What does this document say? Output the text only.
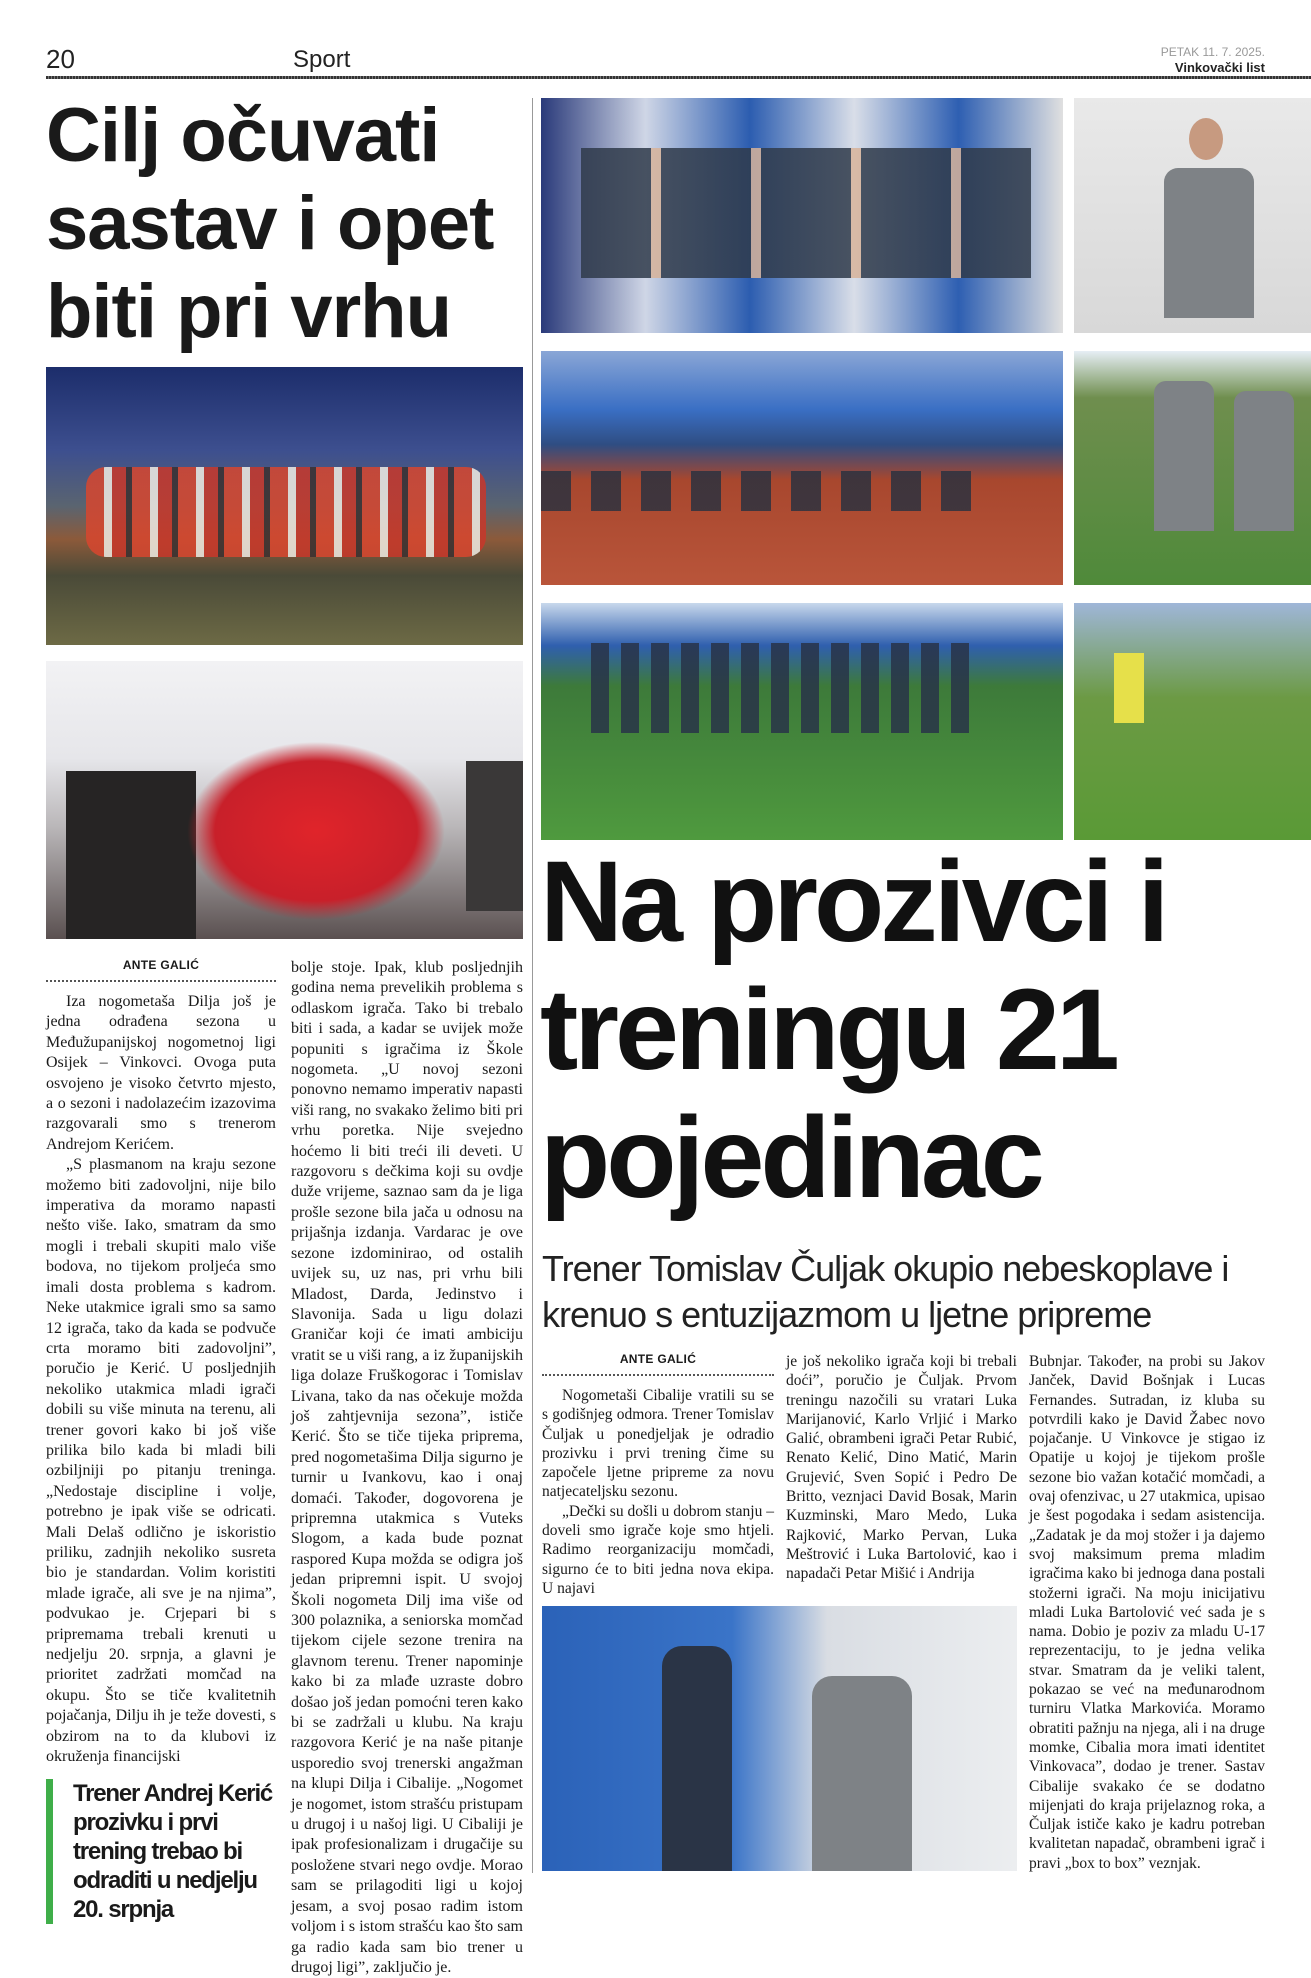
20	Sport	PETAK 11. 7. 2025.
Vinkovački list
Cilj očuvati sastav i opet biti pri vrhu
ANTE GALIĆ

Iza nogometaša Dilja još je jedna odrađena sezona u Međužupanijskoj nogometnoj ligi Osijek – Vinkovci. Ovoga puta osvojeno je visoko četvrto mjesto, a o sezoni i nadolazećim izazovima razgovarali smo s trenerom Andrejom Kerićem.

„S plasmanom na kraju sezone možemo biti zadovoljni, nije bilo imperativa da moramo napasti nešto više. Iako, smatram da smo mogli i trebali skupiti malo više bodova, no tijekom proljeća smo imali dosta problema s kadrom. Neke utakmice igrali smo sa samo 12 igrača, tako da kada se podvuče crta moramo biti zadovoljni”, poručio je Kerić. U posljednjih nekoliko utakmica mladi igrači dobili su više minuta na terenu, ali trener govori kako bi još više prilika bilo kada bi mladi bili ozbiljniji po pitanju treninga. „Nedostaje discipline i volje, potrebno je ipak više se odricati. Mali Delaš odlično je iskoristio priliku, zadnjih nekoliko susreta bio je standardan. Volim koristiti mlade igrače, ali sve je na njima”, podvukao je. Crjepari bi s pripremama trebali krenuti u nedjelju 20. srpnja, a glavni je prioritet zadržati momčad na okupu. Što se tiče kvalitetnih pojačanja, Dilju ih je teže dovesti, s obzirom na to da klubovi iz okruženja financijski

Trener Andrej Kerić prozivku i prvi trening trebao bi odraditi u nedjelju 20. srpnja

bolje stoje. Ipak, klub posljednjih godina nema prevelikih problema s odlaskom igrača. Tako bi trebalo biti i sada, a kadar se uvijek može popuniti s igračima iz Škole nogometa. „U novoj sezoni ponovno nemamo imperativ napasti viši rang, no svakako želimo biti pri vrhu poretka. Nije svejedno hoćemo li biti treći ili deveti. U razgovoru s dečkima koji su ovdje duže vrijeme, saznao sam da je liga prošle sezone bila jača u odnosu na prijašnja izdanja. Vardarac je ove sezone izdominirao, od ostalih uvijek su, uz nas, pri vrhu bili Mladost, Darda, Jedinstvo i Slavonija. Sada u ligu dolazi Graničar koji će imati ambiciju vratit se u viši rang, a iz županijskih liga dolaze Fruškogorac i Tomislav Livana, tako da nas očekuje možda još zahtjevnija sezona”, ističe Kerić. Što se tiče tijeka priprema, pred nogometašima Dilja sigurno je turnir u Ivankovu, kao i onaj domaći. Također, dogovorena je pripremna utakmica s Vuteks Slogom, a kada bude poznat raspored Kupa možda se odigra još jedan pripremni ispit. U svojoj Školi nogometa Dilj ima više od 300 polaznika, a seniorska momčad tijekom cijele sezone trenira na glavnom terenu. Trener napominje kako bi za mlađe uzraste dobro došao još jedan pomoćni teren kako bi se zadržali u klubu. Na kraju razgovora Kerić je na naše pitanje usporedio svoj trenerski angažman na klupi Dilja i Cibalije. „Nogomet je nogomet, istom strašću pristupam u drugoj i u našoj ligi. U Cibaliji je ipak profesionalizam i drugačije su posložene stvari nego ovdje. Morao sam se prilagoditi ligi u kojoj jesam, a svoj posao radim istom voljom i s istom strašću kao što sam ga radio kada sam bio trener u drugoj ligi”, zaključio je.

Na prozivci i treningu 21 pojedinac
Trener Tomislav Čuljak okupio nebeskoplave i krenuo s entuzijazmom u ljetne pripreme
ANTE GALIĆ

Nogometaši Cibalije vratili su se s godišnjeg odmora. Trener Tomislav Čuljak u ponedjeljak je odradio prozivku i prvi trening čime su započele ljetne pripreme za novu natjecateljsku sezonu.

„Dečki su došli u dobrom stanju – doveli smo igrače koje smo htjeli. Radimo reorganizaciju momčadi, sigurno će to biti jedna nova ekipa. U najavi

je još nekoliko igrača koji bi trebali doći”, poručio je Čuljak. Prvom treningu nazočili su vratari Luka Marijanović, Karlo Vrljić i Marko Galić, obrambeni igrači Petar Rubić, Renato Kelić, Dino Matić, Marin Grujević, Sven Sopić i Pedro De Britto, veznjaci David Bosak, Marin Kuzminski, Maro Medo, Luka Rajković, Marko Pervan, Luka Meštrović i Luka Bartolović, kao i napadači Petar Mišić i Andrija

Bubnjar. Također, na probi su Jakov Janček, David Bošnjak i Lucas Fernandes. Sutradan, iz kluba su potvrdili kako je David Žabec novo pojačanje. U Vinkovce je stigao iz Opatije u kojoj je tijekom prošle sezone bio važan kotačić momčadi, a ovaj ofenzivac, u 27 utakmica, upisao je šest pogodaka i sedam asistencija. „Zadatak je da moj stožer i ja dajemo svoj maksimum prema mladim igračima kako bi jednoga dana postali stožerni igrači. Na moju inicijativu mladi Luka Bartolović već sada je s nama. Dobio je poziv za mladu U-17 reprezentaciju, to je jedna velika stvar. Smatram da je veliki talent, pokazao se već na međunarodnom turniru Vlatka Markovića. Moramo obratiti pažnju na njega, ali i na druge momke, Cibalia mora imati identitet Vinkovaca”, dodao je trener. Sastav Cibalije svakako će se dodatno mijenjati do kraja prijelaznog roka, a Čuljak ističe kako je kadru potreban kvalitetan napadač, obrambeni igrač i pravi „box to box” veznjak.
